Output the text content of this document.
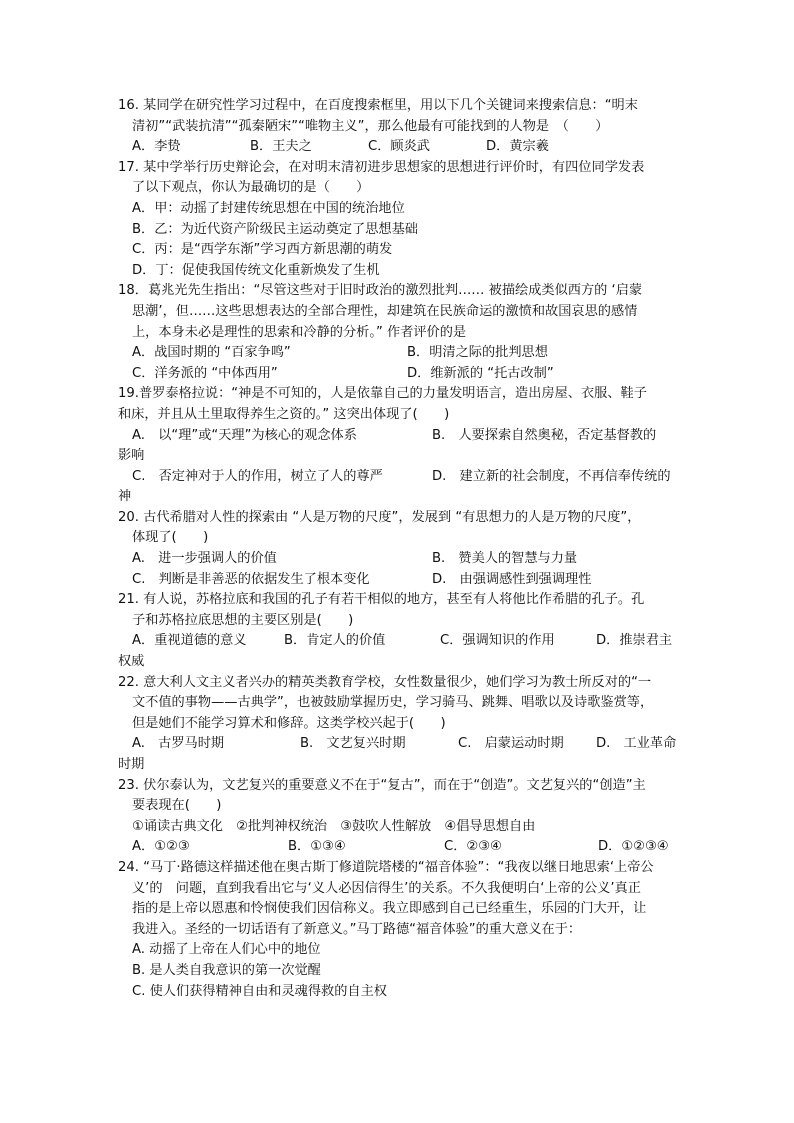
16. 某同学在研究性学习过程中，在百度搜索框里，用以下几个关键词来搜索信息：“明末
清初”“武装抗清”“孤秦陋宋”“唯物主义”，那么他最有可能找到的人物是　（　　）
A．李贽	B．王夫之	C．顾炎武	D．黄宗羲
17. 某中学举行历史辩论会，在对明末清初进步思想家的思想进行评价时，有四位同学发表
了以下观点，你认为最确切的是（　　）
A．甲：动摇了封建传统思想在中国的统治地位
B．乙：为近代资产阶级民主运动奠定了思想基础
C．丙：是“西学东渐”学习西方新思潮的萌发
D．丁：促使我国传统文化重新焕发了生机
18．葛兆光先生指出：“尽管这些对于旧时政治的激烈批判…… 被描绘成类似西方的 ‘启蒙
思潮’，但……这些思想表达的全部合理性，却建筑在民族命运的激愤和故国哀思的感情
上，本身未必是理性的思索和冷静的分析。” 作者评价的是
A．战国时期的 “百家争鸣”	B．明清之际的批判思想
C．洋务派的 “中体西用”	D．维新派的 “托古改制”
19.普罗泰格拉说：“神是不可知的，人是依靠自己的力量发明语言，造出房屋、衣服、鞋子
和床，并且从土里取得养生之资的。” 这突出体现了(　　)
A.　以“理”或“天理”为核心的观念体系	B.　人要探索自然奥秘，否定基督教的
影响
C.　否定神对于人的作用，树立了人的尊严	D.　建立新的社会制度，不再信奉传统的
神
20. 古代希腊对人性的探索由 “人是万物的尺度”，发展到 “有思想力的人是万物的尺度”，
体现了(　　)
A.　进一步强调人的价值	B.　赞美人的智慧与力量
C.　判断是非善恶的依据发生了根本变化	D.　由强调感性到强调理性
21. 有人说，苏格拉底和我国的孔子有若干相似的地方，甚至有人将他比作希腊的孔子。孔
子和苏格拉底思想的主要区别是(　　)
A．重视道德的意义	B．肯定人的价值	C．强调知识的作用	D．推崇君主
权威
22. 意大利人文主义者兴办的精英类教育学校，女性数量很少，她们学习为教士所反对的“一
文不值的事物——古典学”，也被鼓励掌握历史，学习骑马、跳舞、唱歌以及诗歌鉴赏等，
但是她们不能学习算术和修辞。这类学校兴起于(　　)
A.　古罗马时期	B.　文艺复兴时期	C.　启蒙运动时期	D.　工业革命
时期
23. 伏尔泰认为，文艺复兴的重要意义不在于“复古”，而在于“创造”。文艺复兴的“创造”主
要表现在(　　)
①诵读古典文化　②批判神权统治　③鼓吹人性解放　④倡导思想自由
A．①②③	B．①③④	C．②③④	D．①②③④
24. “马丁·路德这样描述他在奥古斯丁修道院塔楼的“福音体验”：“我夜以继日地思索‘上帝公
义’的　问题，直到我看出它与‘义人必因信得生’的关系。不久我便明白‘上帝的公义’真正
指的是上帝以恩惠和怜悯使我们因信称义。我立即感到自己已经重生，乐园的门大开，让
我进入。圣经的一切话语有了新意义。”马丁路德“福音体验”的重大意义在于：
A. 动摇了上帝在人们心中的地位
B. 是人类自我意识的第一次觉醒
C. 使人们获得精神自由和灵魂得救的自主权
